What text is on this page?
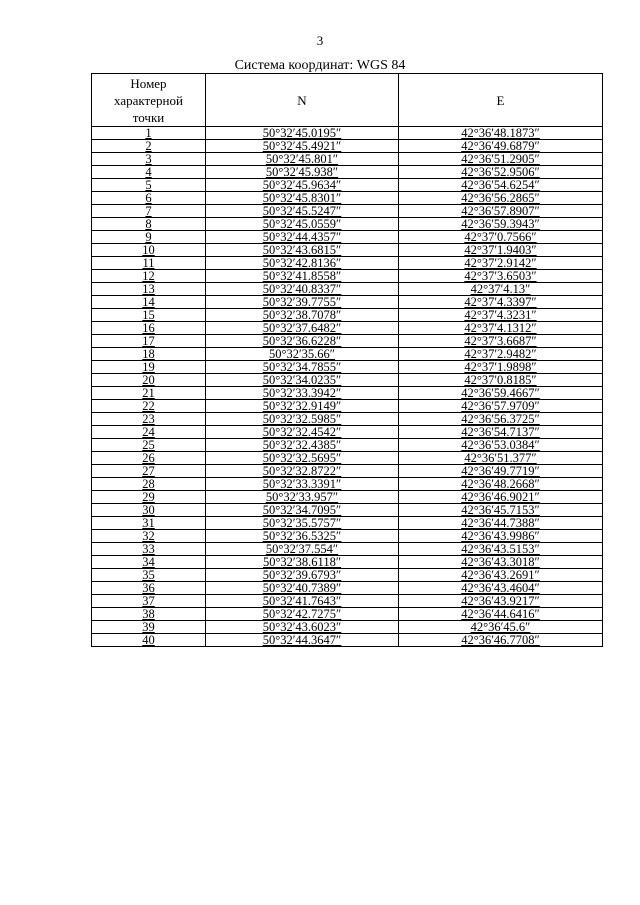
3
Система координат: WGS 84
Номер
характерной
точки	N	E
1	50°32′45.0195″	42°36′48.1873″
2	50°32′45.4921″	42°36′49.6879″
3	50°32′45.801″	42°36′51.2905″
4	50°32′45.938″	42°36′52.9506″
5	50°32′45.9634″	42°36′54.6254″
6	50°32′45.8301″	42°36′56.2865″
7	50°32′45.5247″	42°36′57.8907″
8	50°32′45.0559″	42°36′59.3943″
9	50°32′44.4357″	42°37′0.7566″
10	50°32′43.6815″	42°37′1.9403″
11	50°32′42.8136″	42°37′2.9142″
12	50°32′41.8558″	42°37′3.6503″
13	50°32′40.8337″	42°37′4.13″
14	50°32′39.7755″	42°37′4.3397″
15	50°32′38.7078″	42°37′4.3231″
16	50°32′37.6482″	42°37′4.1312″
17	50°32′36.6228″	42°37′3.6687″
18	50°32′35.66″	42°37′2.9482″
19	50°32′34.7855″	42°37′1.9898″
20	50°32′34.0235″	42°37′0.8185″
21	50°32′33.3942″	42°36′59.4667″
22	50°32′32.9149″	42°36′57.9709″
23	50°32′32.5985″	42°36′56.3725″
24	50°32′32.4542″	42°36′54.7137″
25	50°32′32.4385″	42°36′53.0384″
26	50°32′32.5695″	42°36′51.377″
27	50°32′32.8722″	42°36′49.7719″
28	50°32′33.3391″	42°36′48.2668″
29	50°32′33.957″	42°36′46.9021″
30	50°32′34.7095″	42°36′45.7153″
31	50°32′35.5757″	42°36′44.7388″
32	50°32′36.5325″	42°36′43.9986″
33	50°32′37.554″	42°36′43.5153″
34	50°32′38.6118″	42°36′43.3018″
35	50°32′39.6793″	42°36′43.2691″
36	50°32′40.7389″	42°36′43.4604″
37	50°32′41.7643″	42°36′43.9217″
38	50°32′42.7275″	42°36′44.6416″
39	50°32′43.6023″	42°36′45.6″
40	50°32′44.3647″	42°36′46.7708″
